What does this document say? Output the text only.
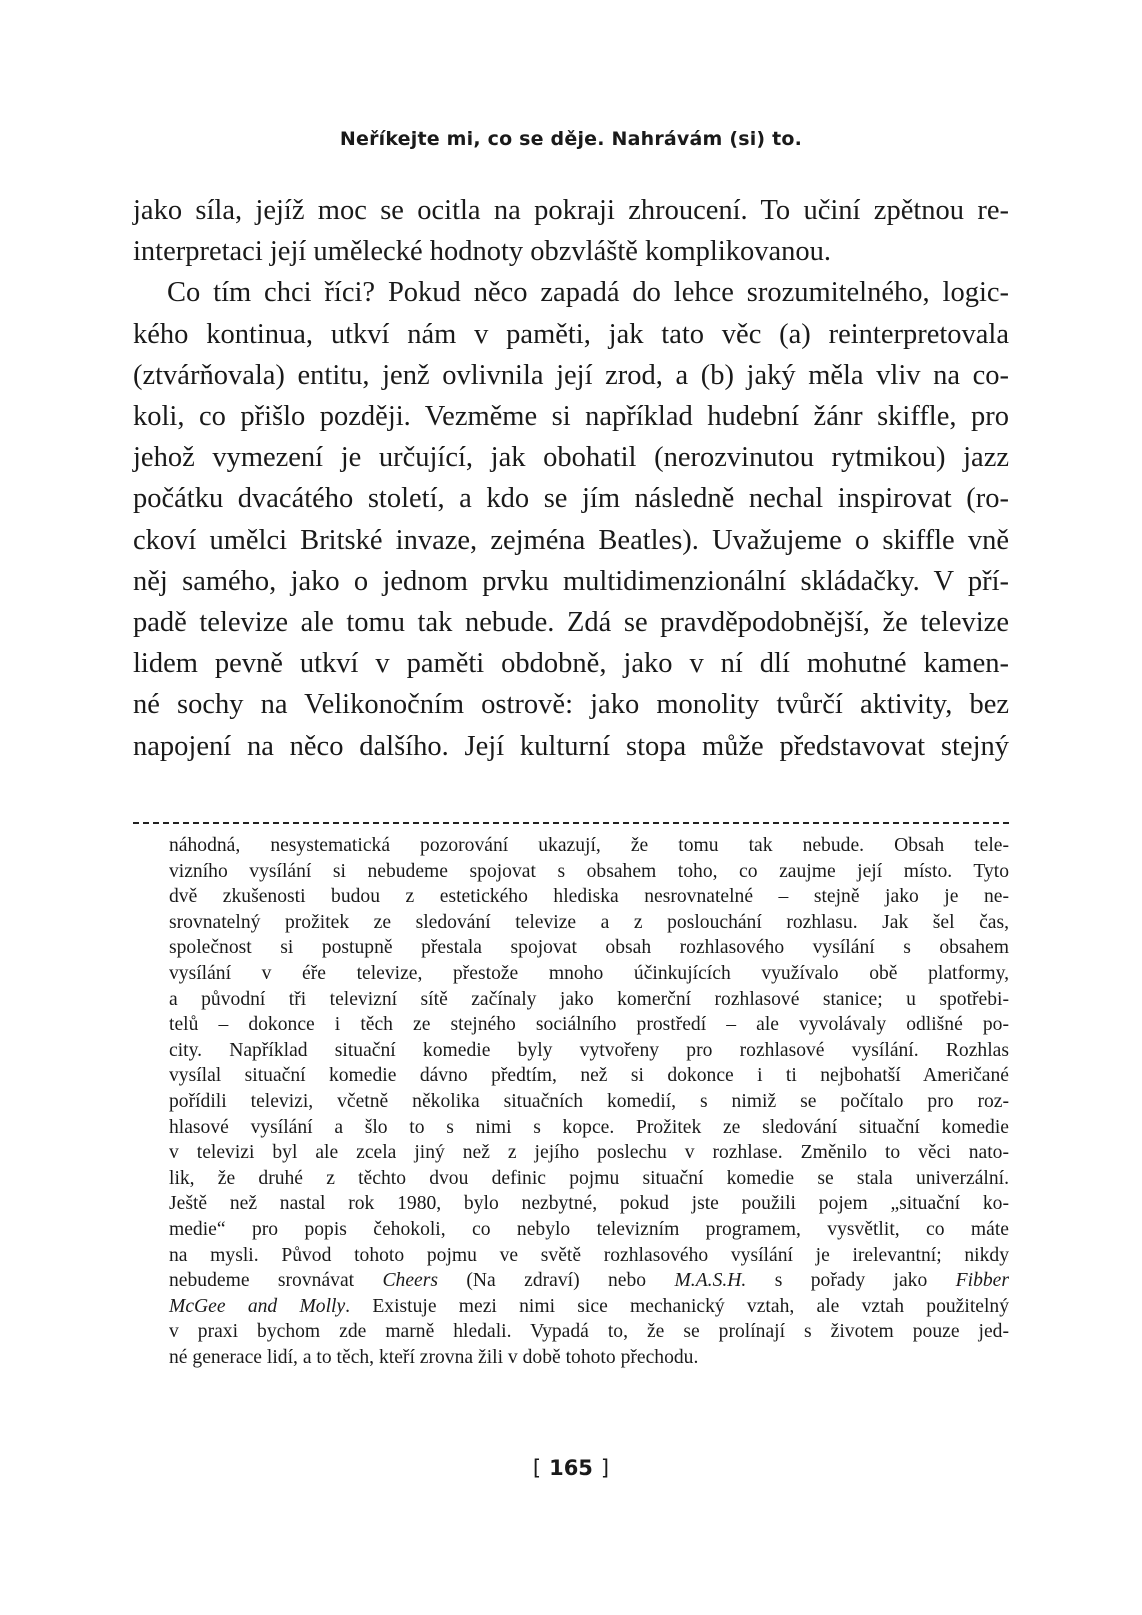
Neříkejte mi, co se děje. Nahrávám (si) to.

jako síla, jejíž moc se ocitla na pokraji zhroucení. To učiní zpětnou re-
interpretaci její umělecké hodnoty obzvláště komplikovanou.

Co tím chci říci? Pokud něco zapadá do lehce srozumitelného, logic-
kého kontinua, utkví nám v paměti, jak tato věc (a) reinterpretovala
(ztvárňovala) entitu, jenž ovlivnila její zrod, a (b) jaký měla vliv na co-
koli, co přišlo později. Vezměme si například hudební žánr skiffle, pro
jehož vymezení je určující, jak obohatil (nerozvinutou rytmikou) jazz
počátku dvacátého století, a kdo se jím následně nechal inspirovat (ro-
ckoví umělci Britské invaze, zejména Beatles). Uvažujeme o skiffle vně
něj samého, jako o jednom prvku multidimenzionální skládačky. V pří-
padě televize ale tomu tak nebude. Zdá se pravděpodobnější, že televize
lidem pevně utkví v paměti obdobně, jako v ní dlí mohutné kamen-
né sochy na Velikonočním ostrově: jako monolity tvůrčí aktivity, bez
napojení na něco dalšího. Její kulturní stopa může představovat stejný

náhodná, nesystematická pozorování ukazují, že tomu tak nebude. Obsah tele-
vizního vysílání si nebudeme spojovat s obsahem toho, co zaujme její místo. Tyto
dvě zkušenosti budou z estetického hlediska nesrovnatelné – stejně jako je ne-
srovnatelný prožitek ze sledování televize a z poslouchání rozhlasu. Jak šel čas,
společnost si postupně přestala spojovat obsah rozhlasového vysílání s obsahem
vysílání v éře televize, přestože mnoho účinkujících využívalo obě platformy,
a původní tři televizní sítě začínaly jako komerční rozhlasové stanice; u spotřebi-
telů – dokonce i těch ze stejného sociálního prostředí – ale vyvolávaly odlišné po-
city. Například situační komedie byly vytvořeny pro rozhlasové vysílání. Rozhlas
vysílal situační komedie dávno předtím, než si dokonce i ti nejbohatší Američané
pořídili televizi, včetně několika situačních komedií, s nimiž se počítalo pro roz-
hlasové vysílání a šlo to s nimi s kopce. Prožitek ze sledování situační komedie
v televizi byl ale zcela jiný než z jejího poslechu v rozhlase. Změnilo to věci nato-
lik, že druhé z těchto dvou definic pojmu situační komedie se stala univerzální.
Ještě než nastal rok 1980, bylo nezbytné, pokud jste použili pojem „situační ko-
medie“ pro popis čehokoli, co nebylo televizním programem, vysvětlit, co máte
na mysli. Původ tohoto pojmu ve světě rozhlasového vysílání je irelevantní; nikdy
nebudeme srovnávat Cheers (Na zdraví) nebo M.A.S.H. s pořady jako Fibber
McGee and Molly. Existuje mezi nimi sice mechanický vztah, ale vztah použitelný
v praxi bychom zde marně hledali. Vypadá to, že se prolínají s životem pouze jed-
né generace lidí, a to těch, kteří zrovna žili v době tohoto přechodu.
[ 165 ]
